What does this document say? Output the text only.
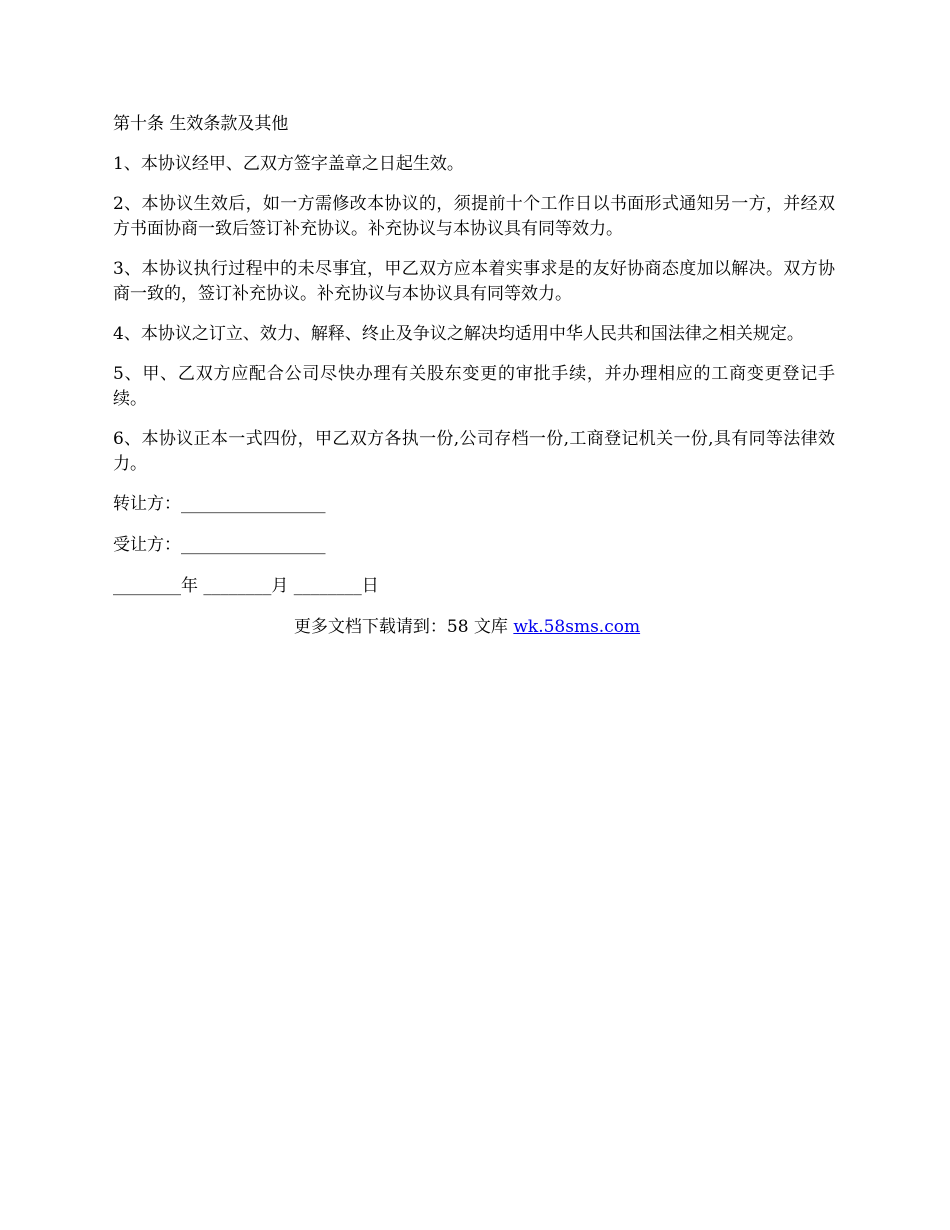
第十条 生效条款及其他

1、本协议经甲、乙双方签字盖章之日起生效。

2、本协议生效后，如一方需修改本协议的，须提前十个工作日以书面形式通知另一方，并经双方书面协商一致后签订补充协议。补充协议与本协议具有同等效力。

3、本协议执行过程中的未尽事宜，甲乙双方应本着实事求是的友好协商态度加以解决。双方协商一致的，签订补充协议。补充协议与本协议具有同等效力。

4、本协议之订立、效力、解释、终止及争议之解决均适用中华人民共和国法律之相关规定。

5、甲、乙双方应配合公司尽快办理有关股东变更的审批手续，并办理相应的工商变更登记手续。

6、本协议正本一式四份，甲乙双方各执一份,公司存档一份,工商登记机关一份,具有同等法律效力。

转让方：_________________

受让方：_________________

________年 ________月 ________日

更多文档下载请到：58 文库 wk.58sms.com
